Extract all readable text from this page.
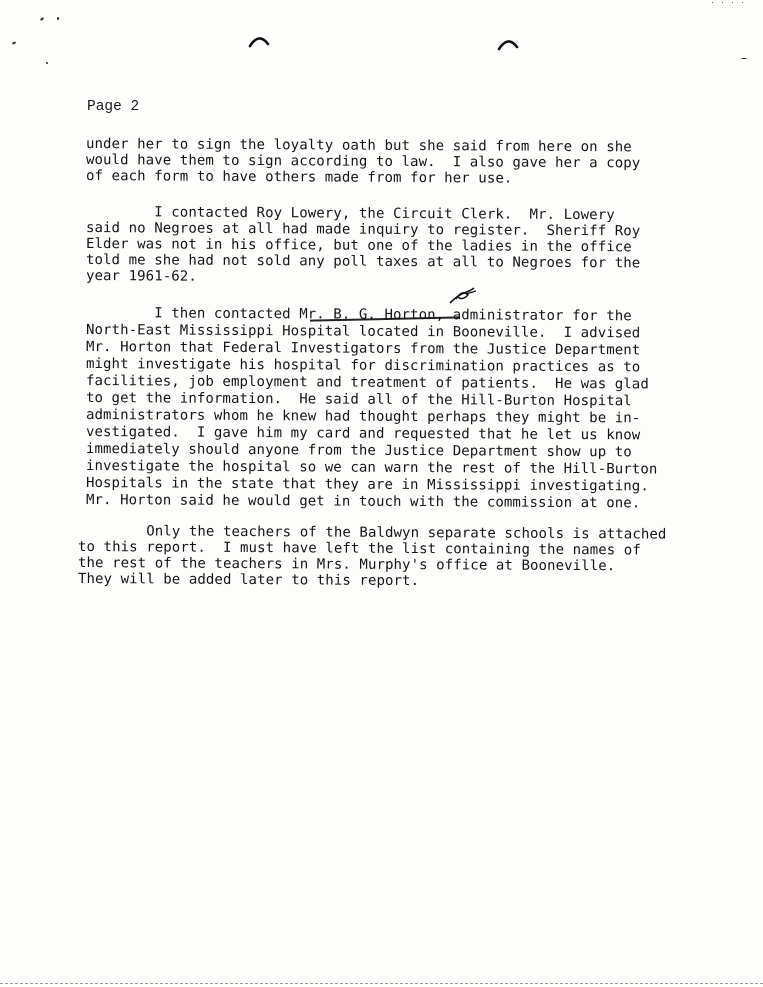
Page 2
under her to sign the loyalty oath but she said from here on she
would have them to sign according to law.  I also gave her a copy
of each form to have others made from for her use.
I contacted Roy Lowery, the Circuit Clerk.  Mr. Lowery
said no Negroes at all had made inquiry to register.  Sheriff Roy
Elder was not in his office, but one of the ladies in the office
told me she had not sold any poll taxes at all to Negroes for the
year 1961-62.
I then contacted Mr. B. G. Horton, administrator for the
North-East Mississippi Hospital located in Booneville.  I advised
Mr. Horton that Federal Investigators from the Justice Department
might investigate his hospital for discrimination practices as to
facilities, job employment and treatment of patients.  He was glad
to get the information.  He said all of the Hill-Burton Hospital
administrators whom he knew had thought perhaps they might be in-
vestigated.  I gave him my card and requested that he let us know
immediately should anyone from the Justice Department show up to
investigate the hospital so we can warn the rest of the Hill-Burton
Hospitals in the state that they are in Mississippi investigating.
Mr. Horton said he would get in touch with the commission at one.
Only the teachers of the Baldwyn separate schools is attached
to this report.  I must have left the list containing the names of
the rest of the teachers in Mrs. Murphy's office at Booneville.
They will be added later to this report.
